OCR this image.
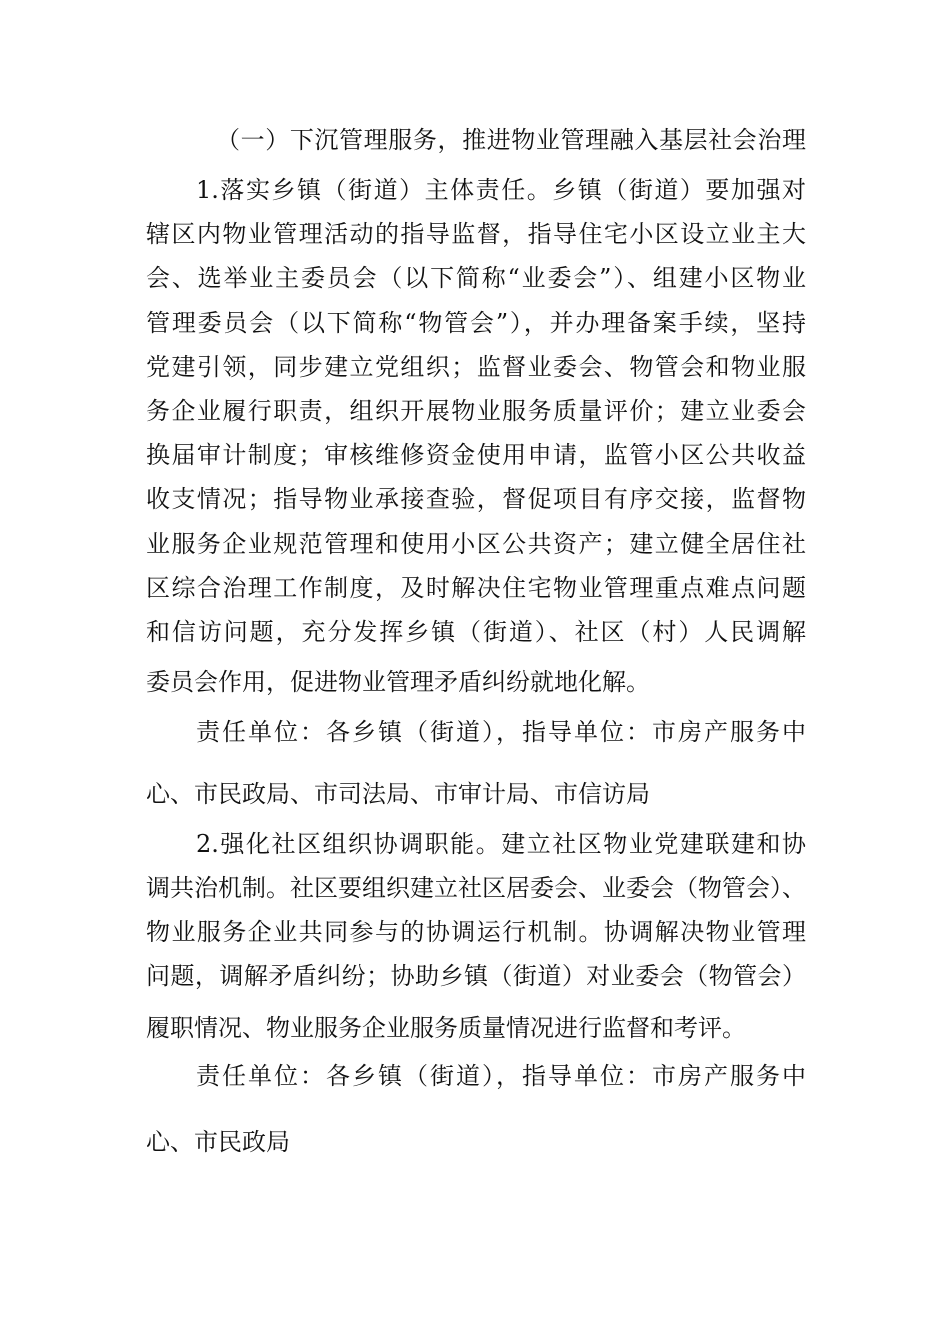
（一）下沉管理服务，推进物业管理融入基层社会治理
1.落实乡镇（街道）主体责任。乡镇（街道）要加强对
辖区内物业管理活动的指导监督，指导住宅小区设立业主大
会、选举业主委员会（以下简称“业委会”）、组建小区物业
管理委员会（以下简称“物管会”），并办理备案手续，坚持
党建引领，同步建立党组织；监督业委会、物管会和物业服
务企业履行职责，组织开展物业服务质量评价；建立业委会
换届审计制度；审核维修资金使用申请，监管小区公共收益
收支情况；指导物业承接查验，督促项目有序交接，监督物
业服务企业规范管理和使用小区公共资产；建立健全居住社
区综合治理工作制度，及时解决住宅物业管理重点难点问题
和信访问题，充分发挥乡镇（街道）、社区（村）人民调解
委员会作用，促进物业管理矛盾纠纷就地化解。
责任单位：各乡镇（街道），指导单位：市房产服务中
心、市民政局、市司法局、市审计局、市信访局
2.强化社区组织协调职能。建立社区物业党建联建和协
调共治机制。社区要组织建立社区居委会、业委会（物管会）、
物业服务企业共同参与的协调运行机制。协调解决物业管理
问题，调解矛盾纠纷；协助乡镇（街道）对业委会（物管会）
履职情况、物业服务企业服务质量情况进行监督和考评。
责任单位：各乡镇（街道），指导单位：市房产服务中
心、市民政局
